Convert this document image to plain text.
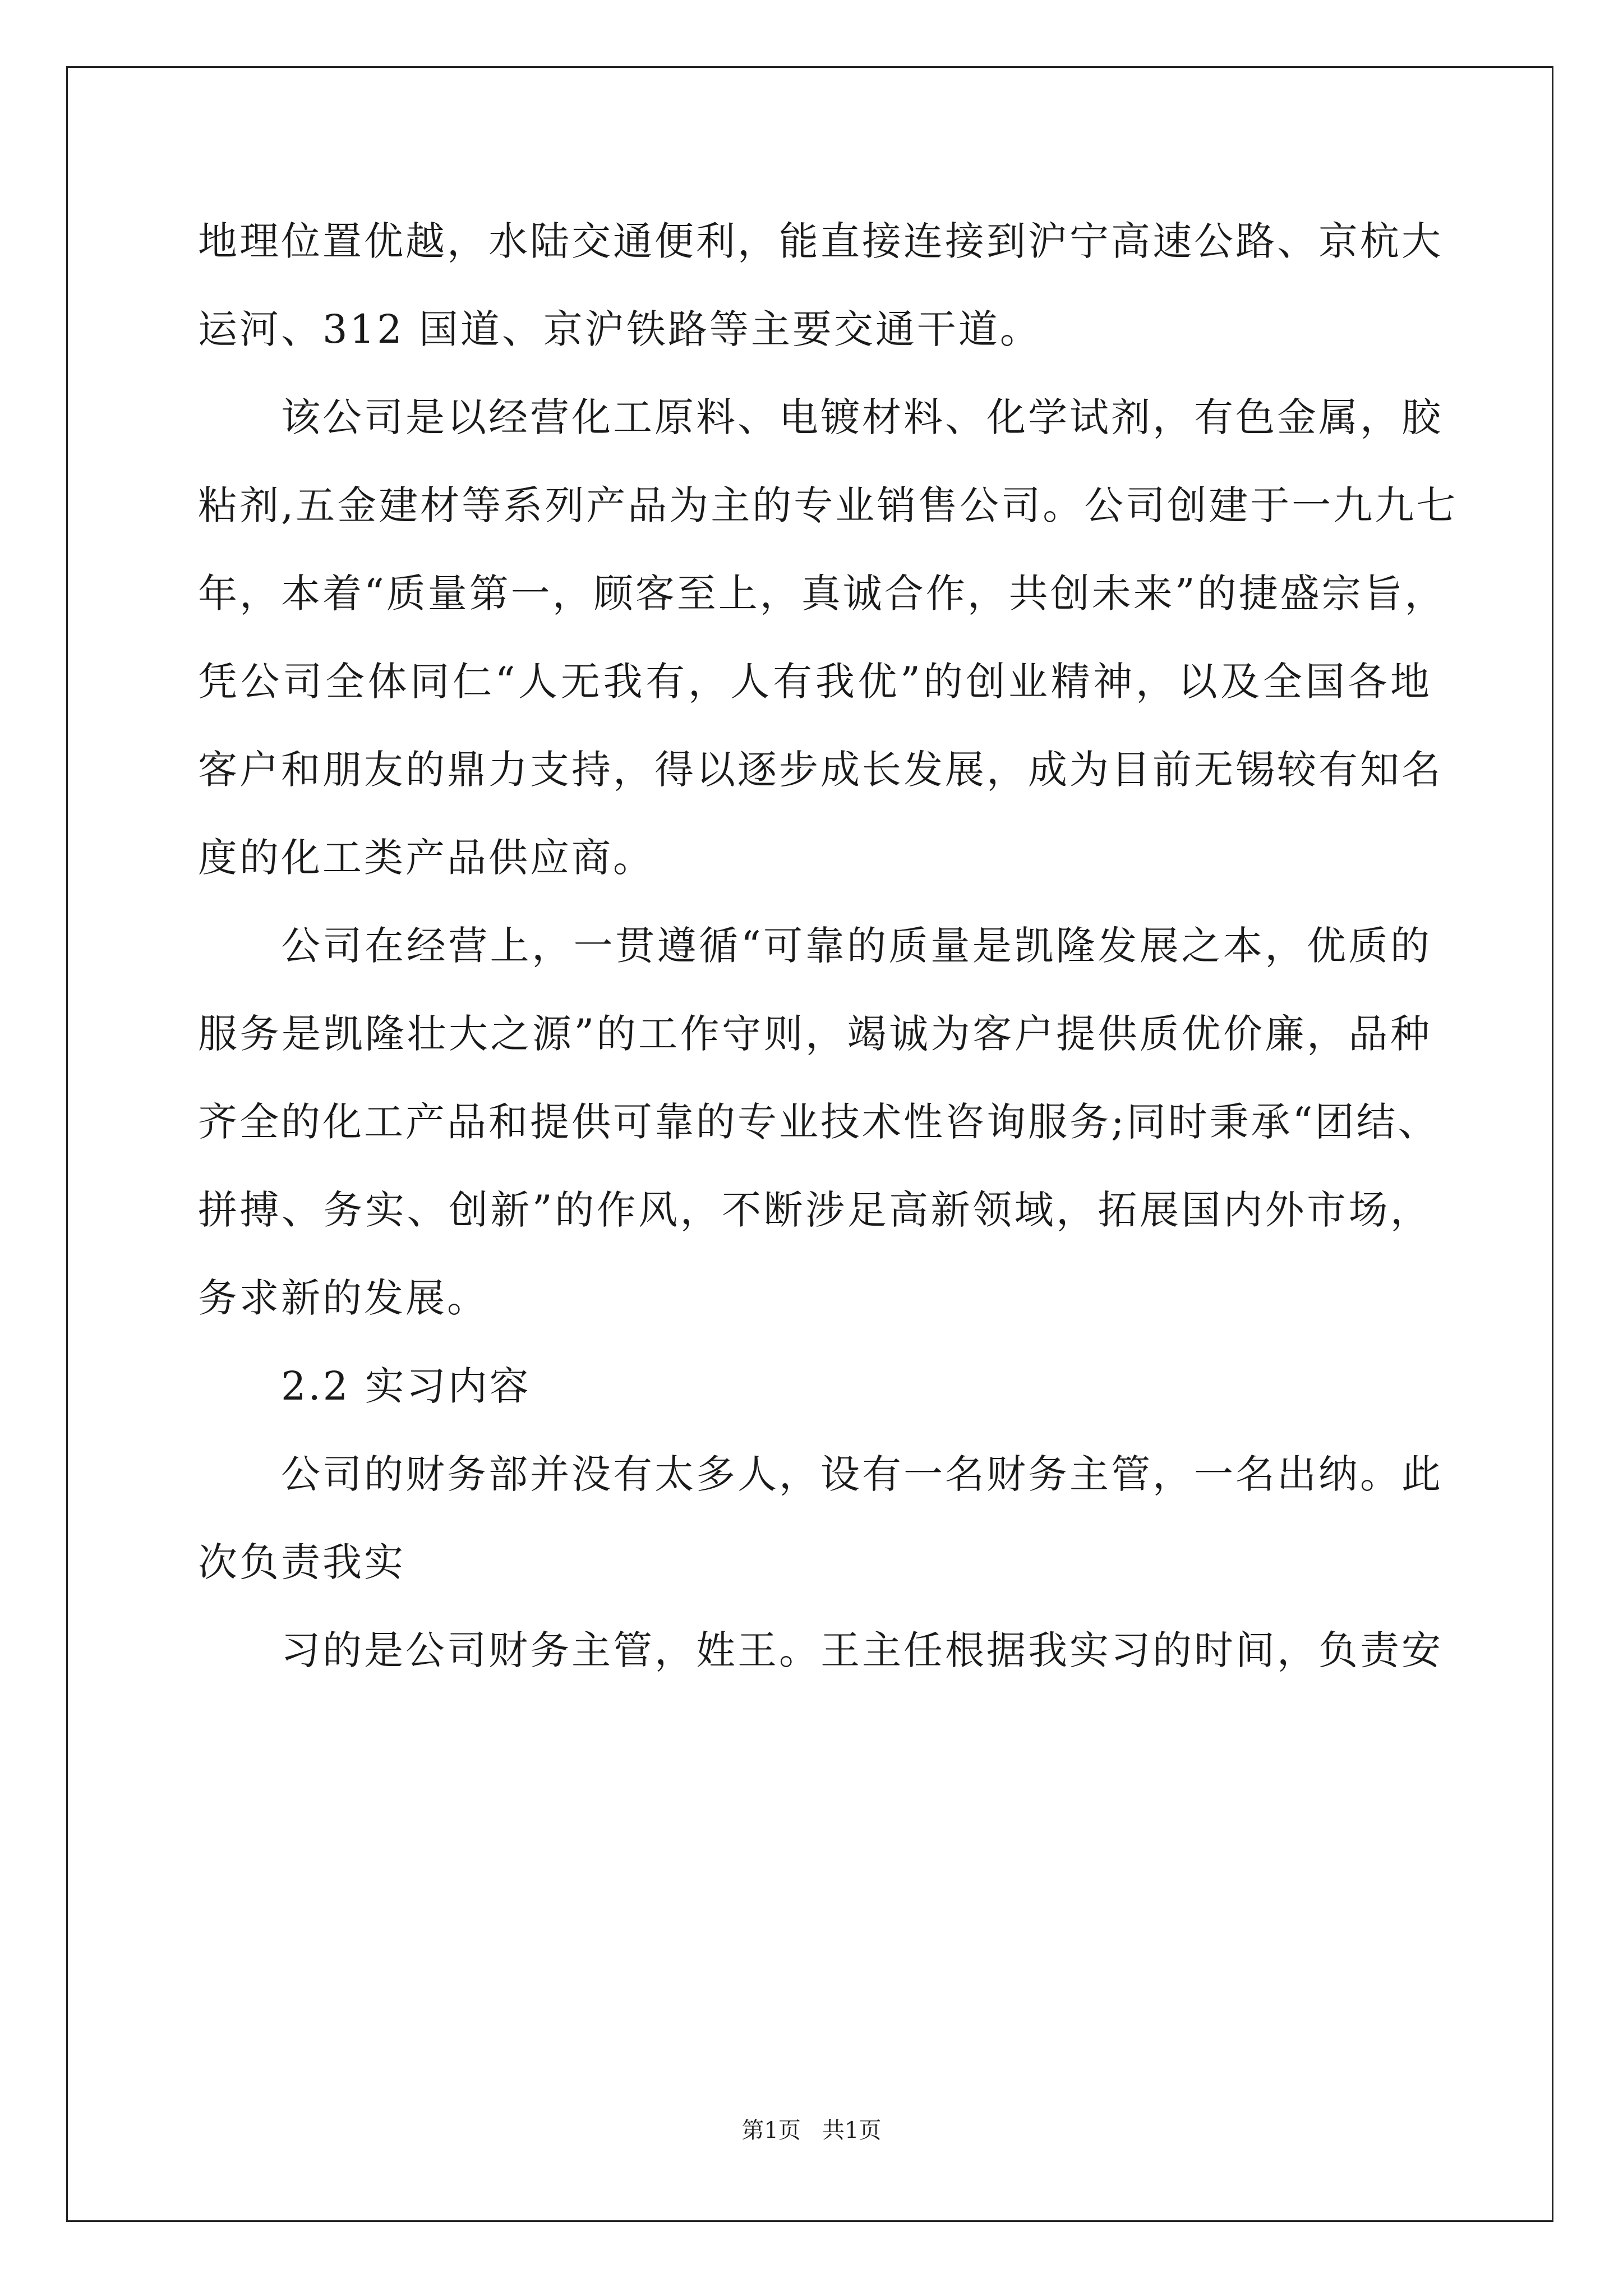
地理位置优越，水陆交通便利，能直接连接到沪宁高速公路、京杭大
运河、312 国道、京沪铁路等主要交通干道。
该公司是以经营化工原料、电镀材料、化学试剂，有色金属，胶
粘剂,五金建材等系列产品为主的专业销售公司。公司创建于一九九七
年，本着“质量第一，顾客至上，真诚合作，共创未来”的捷盛宗旨，
凭公司全体同仁“人无我有，人有我优”的创业精神，以及全国各地
客户和朋友的鼎力支持，得以逐步成长发展，成为目前无锡较有知名
度的化工类产品供应商。
公司在经营上，一贯遵循“可靠的质量是凯隆发展之本，优质的
服务是凯隆壮大之源”的工作守则，竭诚为客户提供质优价廉，品种
齐全的化工产品和提供可靠的专业技术性咨询服务;同时秉承“团结、
拼搏、务实、创新”的作风，不断涉足高新领域，拓展国内外市场，
务求新的发展。
2.2 实习内容
公司的财务部并没有太多人，设有一名财务主管，一名出纳。此
次负责我实
习的是公司财务主管，姓王。王主任根据我实习的时间，负责安
第1页   共1页
